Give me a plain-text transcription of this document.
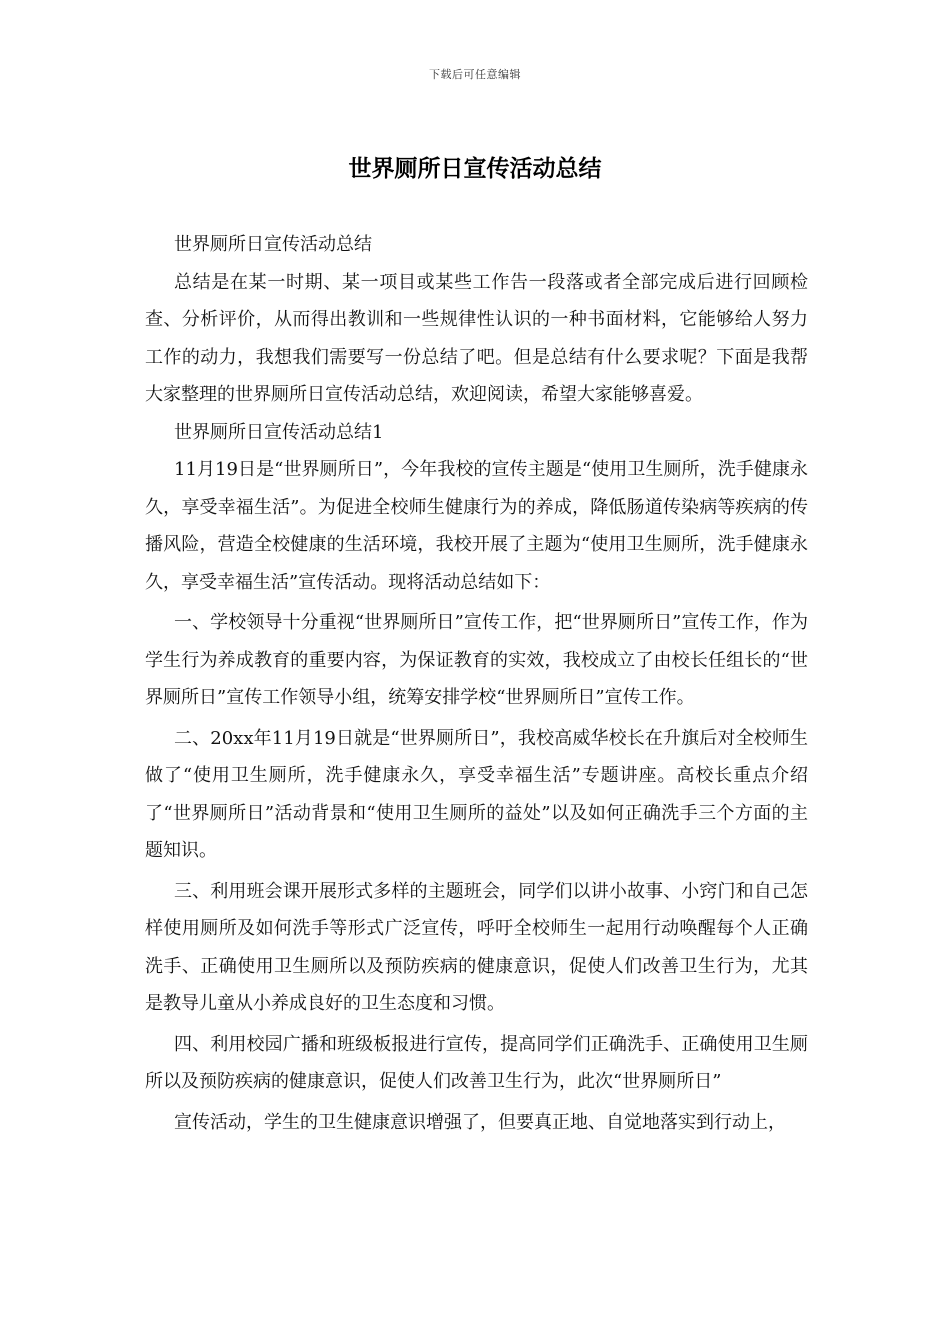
下载后可任意编辑
世界厕所日宣传活动总结

世界厕所日宣传活动总结

总结是在某一时期、某一项目或某些工作告一段落或者全部完成后进行回顾检查、分析评价，从而得出教训和一些规律性认识的一种书面材料，它能够给人努力工作的动力，我想我们需要写一份总结了吧。但是总结有什么要求呢？下面是我帮大家整理的世界厕所日宣传活动总结，欢迎阅读，希望大家能够喜爱。

世界厕所日宣传活动总结1

11月19日是“世界厕所日”，今年我校的宣传主题是“使用卫生厕所，洗手健康永久，享受幸福生活”。为促进全校师生健康行为的养成，降低肠道传染病等疾病的传播风险，营造全校健康的生活环境，我校开展了主题为“使用卫生厕所，洗手健康永久，享受幸福生活”宣传活动。现将活动总结如下：

一、学校领导十分重视“世界厕所日”宣传工作，把“世界厕所日”宣传工作，作为学生行为养成教育的重要内容，为保证教育的实效，我校成立了由校长任组长的“世界厕所日”宣传工作领导小组，统筹安排学校“世界厕所日”宣传工作。

二、20xx年11月19日就是“世界厕所日”，我校高威华校长在升旗后对全校师生做了“使用卫生厕所，洗手健康永久，享受幸福生活”专题讲座。高校长重点介绍了“世界厕所日”活动背景和“使用卫生厕所的益处”以及如何正确洗手三个方面的主题知识。

三、利用班会课开展形式多样的主题班会，同学们以讲小故事、小窍门和自己怎样使用厕所及如何洗手等形式广泛宣传，呼吁全校师生一起用行动唤醒每个人正确洗手、正确使用卫生厕所以及预防疾病的健康意识，促使人们改善卫生行为，尤其是教导儿童从小养成良好的卫生态度和习惯。

四、利用校园广播和班级板报进行宣传，提高同学们正确洗手、正确使用卫生厕所以及预防疾病的健康意识，促使人们改善卫生行为，此次“世界厕所日”

宣传活动，学生的卫生健康意识增强了，但要真正地、自觉地落实到行动上，
